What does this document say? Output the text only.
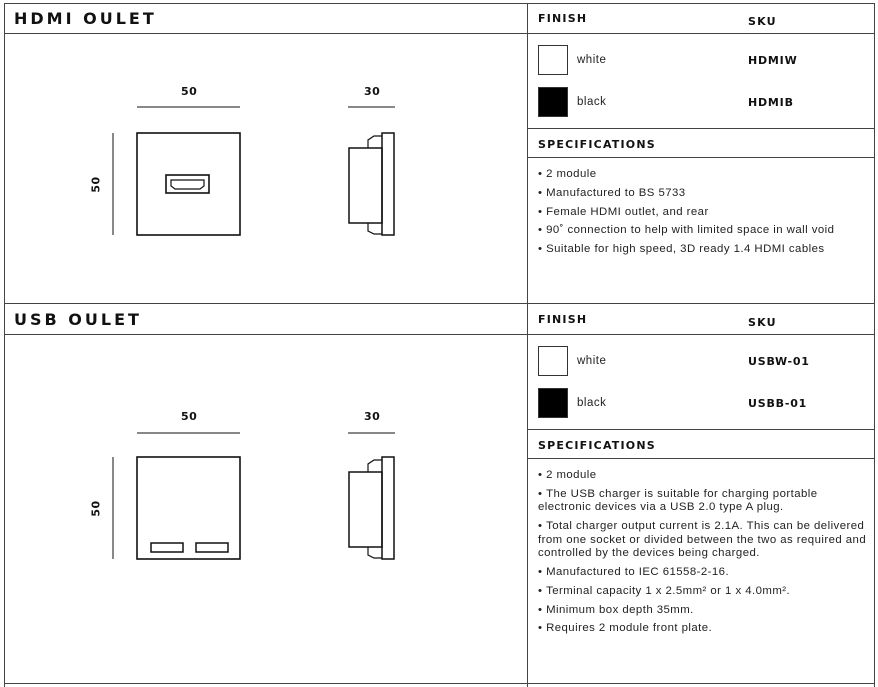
HDMI OULET	FINISH	SKU
white	HDMIW
black	HDMIB
SPECIFICATIONS
• 2 module
• Manufactured to BS 5733
• Female HDMI outlet, and rear
• 90˚ connection to help with limited space in wall void
• Suitable for high speed, 3D ready 1.4 HDMI cables
50	30
50
USB OULET	FINISH	SKU
white	USBW-01
black	USBB-01
SPECIFICATIONS
• 2 module
• The USB charger is suitable for charging portable electronic devices via a USB 2.0 type A plug.
• Total charger output current is 2.1A. This can be delivered from one socket or divided between the two as required and controlled by the devices being charged.
• Manufactured to IEC 61558-2-16.
• Terminal capacity 1 x 2.5mm² or 1 x 4.0mm².
• Minimum box depth 35mm.
• Requires 2 module front plate.
50	30
50
